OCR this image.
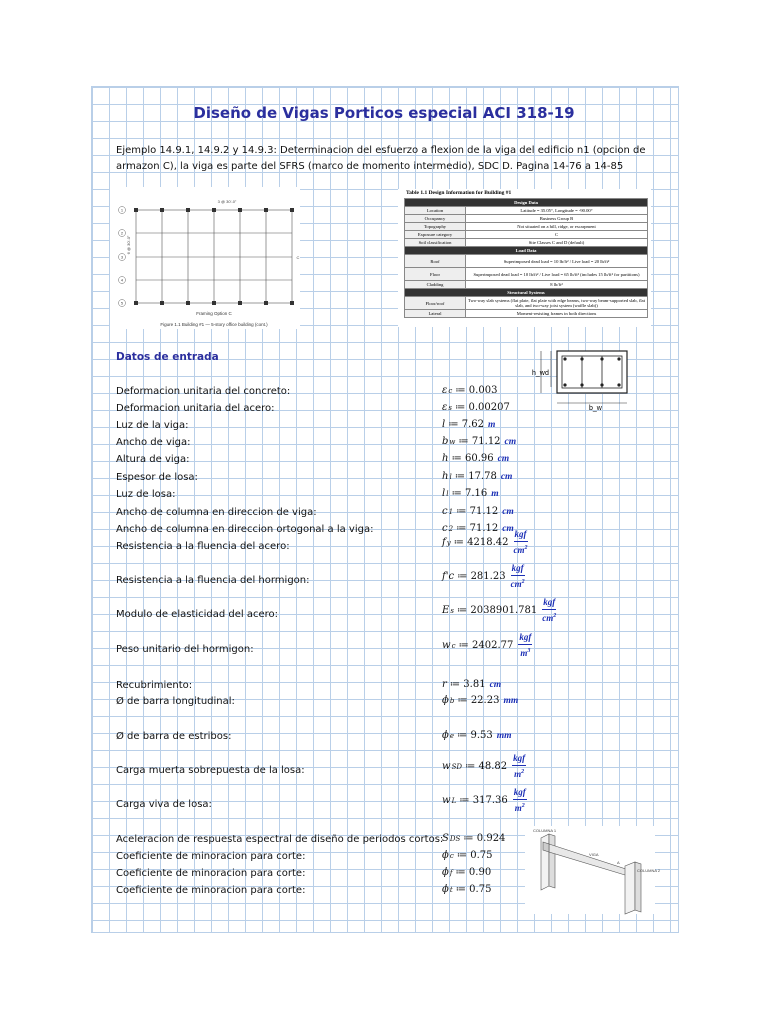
Diseño de Vigas Porticos especial ACI 318-19
Ejemplo 14.9.1, 14.9.2 y 14.9.3: Determinacion del esfuerzo a flexion de la viga del edificio n1 (opcion de armazon C), la viga es parte del SFRS (marco de momento intermedio), SDC D. Pagina 14-76 a 14-85
1
2
3
4
5
3 @ 30'-0"
C
6 @ 30'-0"
Framing Option C
Figure 1.1 Building #1 — 5-story office building (cont.)
Table 1.1 Design Information for Building #1
Design Data	
Location	Latitude = 35.05°, Longitude = -90.00°
Occupancy	Business Group B
Topography	Not situated on a hill, ridge, or escarpment
Exposure category	C
Soil classification	Site Classes C and D (default)
Load Data	
Roof	Superimposed dead load = 10 lb/ft² / Live load = 20 lb/ft²
Floor	Superimposed dead load = 10 lb/ft² / Live load = 65 lb/ft² (includes 15 lb/ft² for partitions)
Cladding	8 lb/ft²
Structural Systems	
Floor/roof	Two-way slab systems (flat plate, flat plate with edge beams, two-way beam-supported slab, flat slab, and two-way joist system (waffle slab))
Lateral	Moment-resisting frames in both directions
Datos de entrada
h_w d
b_w
COLUMNA 1
VIGA
COLUMNA 2
A
Deformacion unitaria del concreto:	ε c ≔ 0.003
Deformacion unitaria del acero:	ε s ≔ 0.00207
Luz de la viga:	l ≔ 7.62 m
Ancho de viga:	b w ≔ 71.12 cm
Altura de viga:	h ≔ 60.96 cm
Espesor de losa:	h l ≔ 17.78 cm
Luz de losa:	l l ≔ 7.16 m
Ancho de columna en direccion de viga:	c 1 ≔ 71.12 cm
Ancho de columna en direccion ortogonal a la viga:	c 2 ≔ 71.12 cm
Resistencia a la fluencia del acero:	f y ≔ $4218.42 \frac{\text{kgf}}{cm^2}$
Resistencia a la fluencia del hormigon:	f'c ≔ $281.23 \frac{\text{kgf}}{cm^2}$
Modulo de elasticidad del acero:	E s ≔ $2038901.781 \frac{\text{kgf}}{cm^2}$
Peso unitario del hormigon:	w c ≔ $2402.77 \frac{\text{kgf}}{m^3}$
Recubrimiento:	r ≔ 3.81 cm
Ø de barra longitudinal:	ϕ b ≔ 22.23 mm
Ø de barra de estribos:	ϕ e ≔ 9.53 mm
Carga muerta sobrepuesta de la losa:	w SD ≔ $48.82 \frac{\text{kgf}}{m^2}$
Carga viva de losa:	w L ≔ $317.36 \frac{\text{kgf}}{m^2}$
Aceleracion de respuesta espectral de diseño de periodos cortos:
S DS ≔ 0.924
Coeficiente de minoracion para corte:	ϕ c ≔ 0.75
Coeficiente de minoracion para corte:	ϕ f ≔ 0.90
Coeficiente de minoracion para corte:	ϕ t ≔ 0.75
